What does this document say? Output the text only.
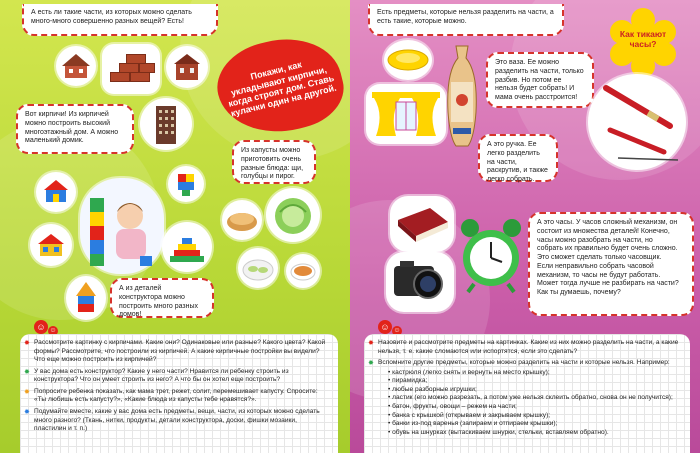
А есть ли такие части, из которых можно сделать много-много совершенно разных вещей? Есть!
Покажи, как укладывают кирпичи, когда строят дом. Ставь кулачки один на другой.
Вот кирпичи! Из кирпичей можно построить высокий многоэтажный дом. А можно маленький домик.
Из капусты можно приготовить очень разные блюда: щи, голубцы и пирог.
А из деталей конструктора можно построить много разных домов!
☺ ☺
✸ Рассмотрите картинку с кирпичами. Какие они? Одинаковые или разные? Какого цвета? Какой формы? Рассмотрите, что построили из кирпичей. А какие кирпичные постройки вы видели? Что еще можно построить из кирпичей?
✸ У вас дома есть конструктор? Какие у него части? Нравится ли ребенку строить из конструктора? Что он умеет строить из него? А что бы он хотел еще построить?
✸ Попросите ребенка показать, как мама трет, режет, солит, перемешивает капусту. Спросите: «Ты любишь есть капусту?», «Какие блюда из капусты тебе нравятся?».
✸ Подумайте вместе, какие у вас дома есть предметы, вещи, части, из которых можно сделать много разного? (Ткань, нитки, продукты, детали конструктора, доски, фишки мозаики, пластилин и т. п.)
Есть предметы, которые нельзя разделить на части, а есть такие, которые можно.
Как тикают часы?
Это ваза. Ее можно разделить на части, только разбив. Но потом ее нельзя будет собрать! И мама очень расстроится!
А это ручка. Ее легко разделить на части, раскрутив, и также легко собрать.
А это часы. У часов сложный механизм, он
состоит из множества деталей! Конечно,
часы можно разобрать на части, но
собрать их правильно будет очень сложно.
Это сможет сделать только часовщик.
Если неправильно собрать часовой
механизм, то часы не будут работать.
Может тогда лучше не разбирать на части?
Как ты думаешь, почему?
☺ ☺
✸ Назовите и рассмотрите предметы на картинках. Какие из них можно разделить на части, а какие нельзя, т. е. какие сломаются или испортятся, если это сделать?
✸ Вспомните другие предметы, которые можно разделить на части и которые нельзя. Например:
• кастрюля (легко снять и вернуть на место крышку);
• пирамидка;
• любые разборные игрушки;
• ластик (его можно разрезать, а потом уже нельзя склеить обратно, снова он не получится);
• батон, фрукты, овощи – режем на части;
• банка с крышкой (открываем и закрываем крышку);
• банки из-под варенья (запираем и отпираем крышки);
• обувь на шнурках (вытаскиваем шнурки, стельки, вставляем обратно).
